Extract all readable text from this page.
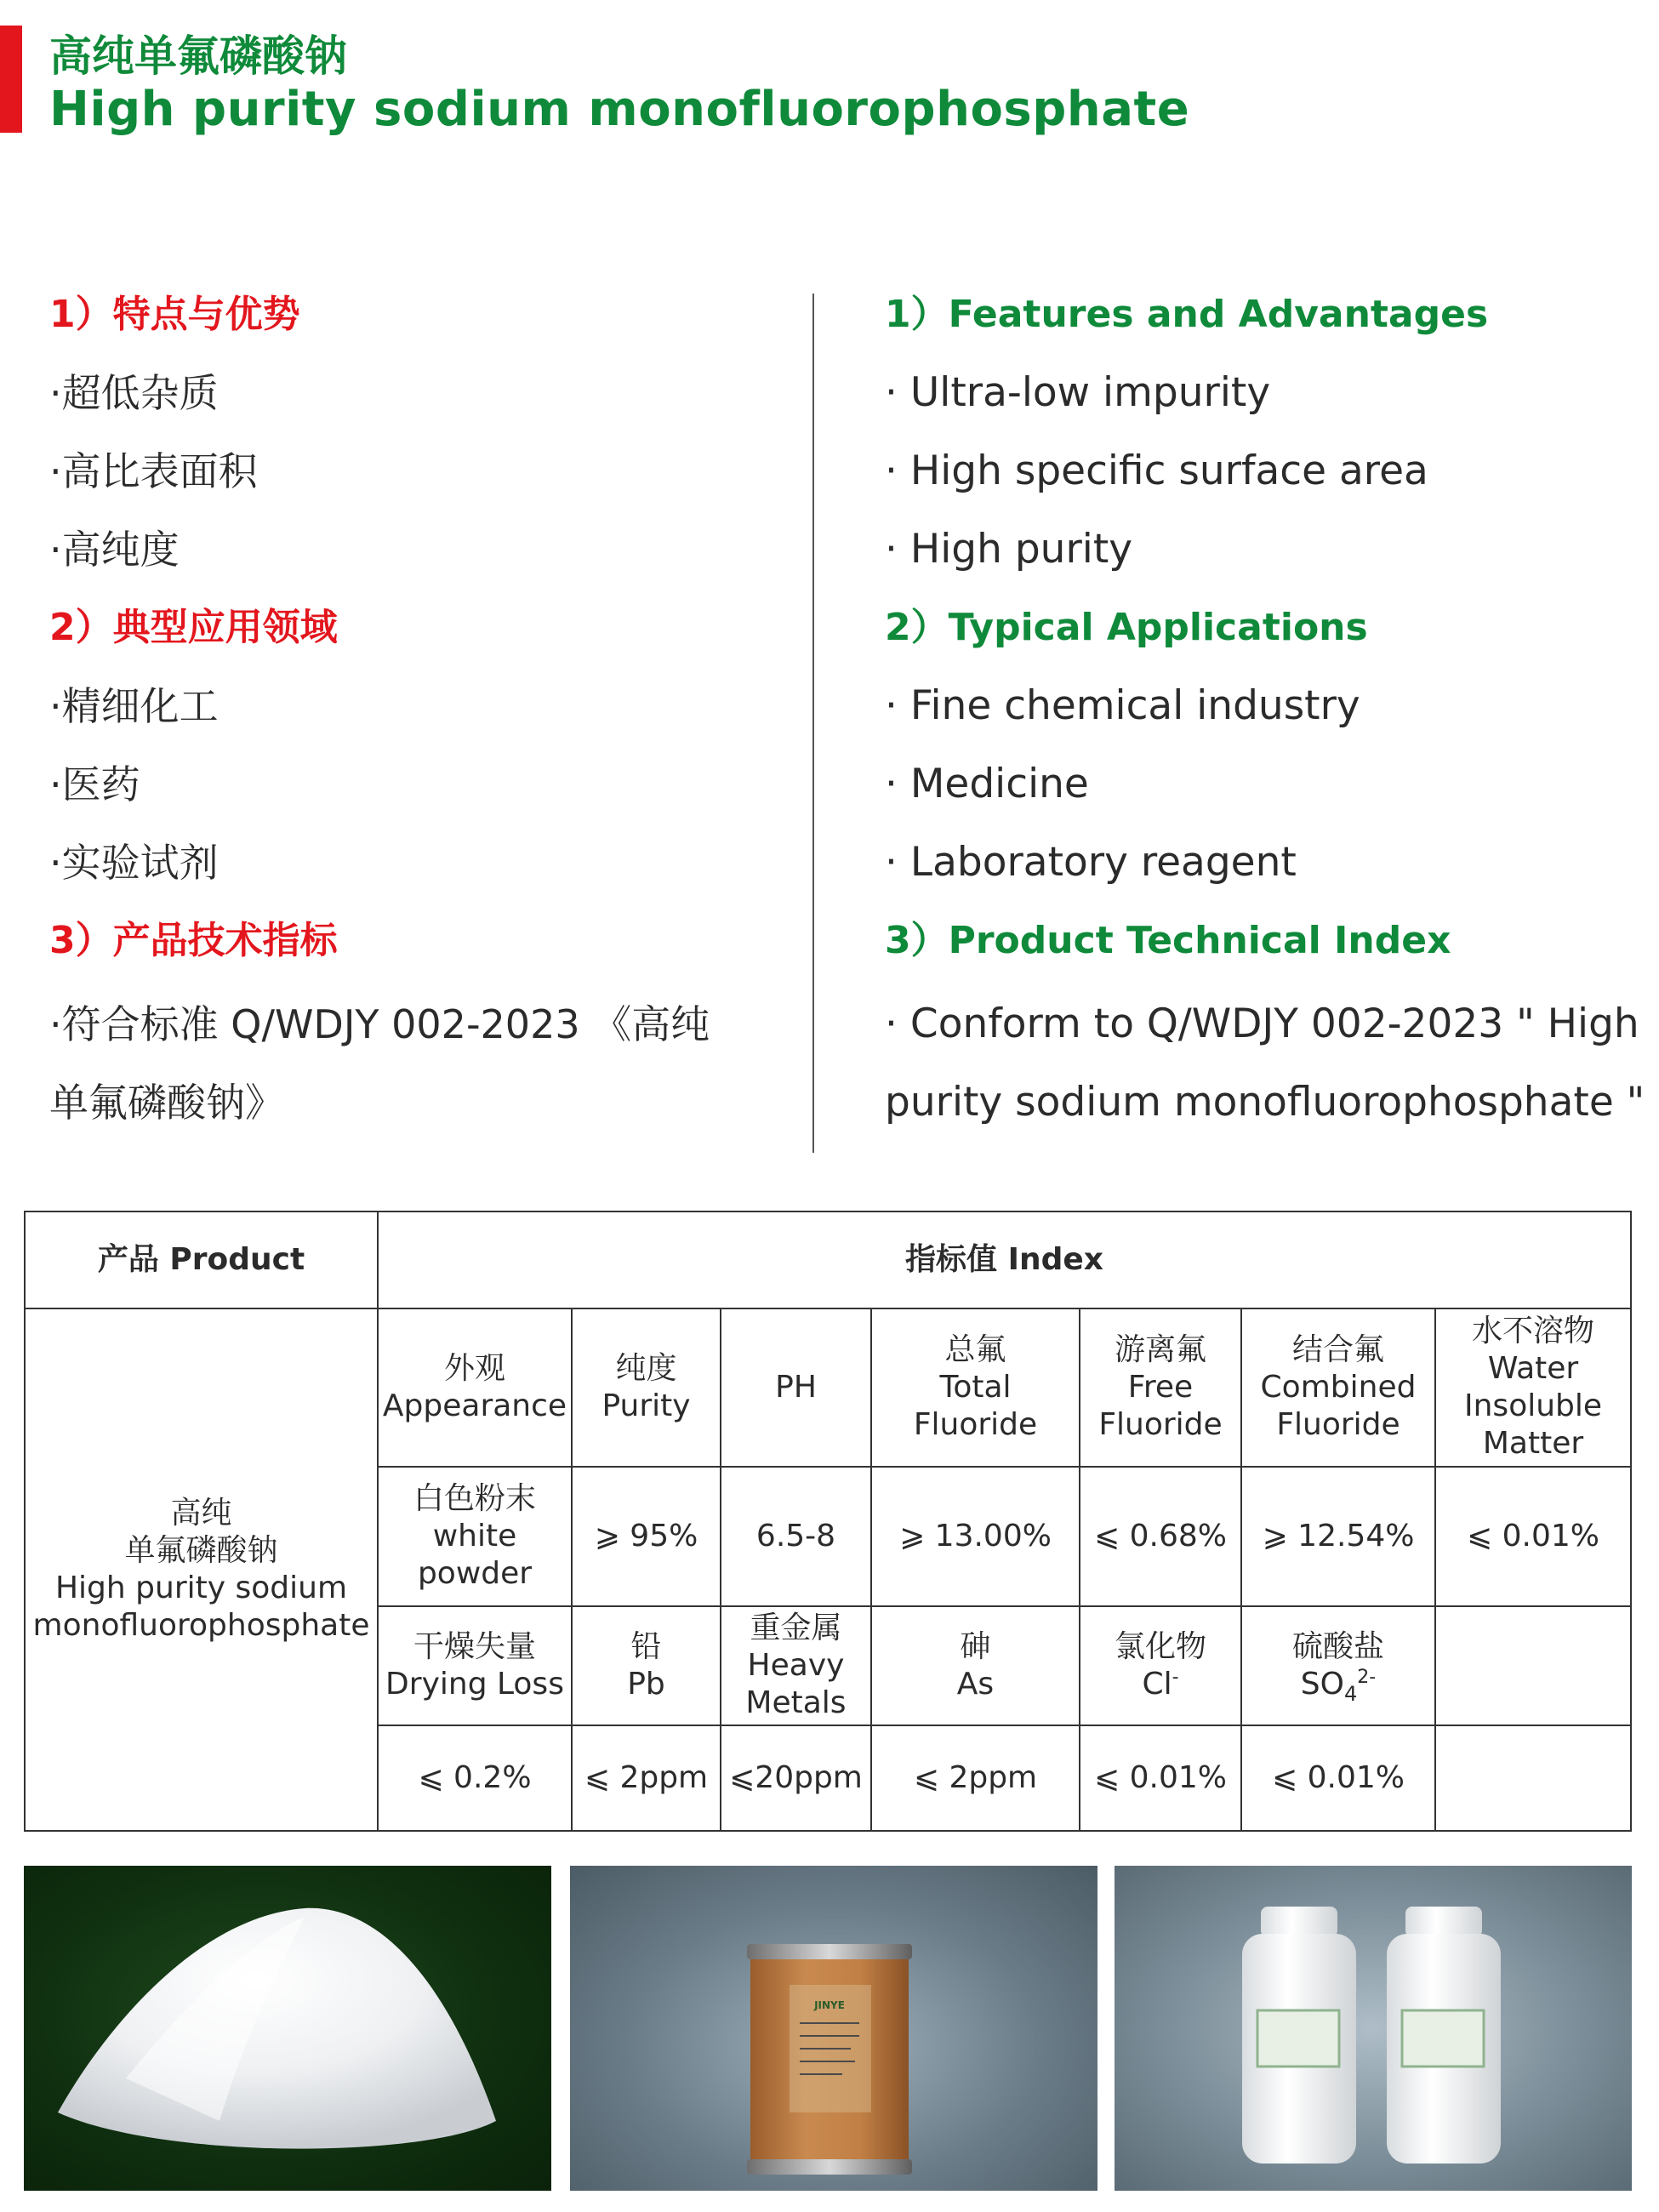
高纯单氟磷酸钠
High purity sodium monofluorophosphate
1）特点与优势
·超低杂质
·高比表面积
·高纯度
2）典型应用领域
·精细化工
·医药
·实验试剂
3）产品技术指标
·符合标准 Q/WDJY 002-2023 《高纯
单氟磷酸钠》
1）Features and Advantages
· Ultra-low impurity
· High specific surface area
· High purity
2）Typical Applications
· Fine chemical industry
· Medicine
· Laboratory reagent
3）Product Technical Index
· Conform to Q/WDJY 002-2023 " High
purity sodium monofluorophosphate "
产品 Product	指标值 Index						

高纯
单氟磷酸钠
High purity sodium
monofluorophosphate	外观
Appearance	纯度
Purity	PH	总氟
Total
Fluoride	游离氟
Free
Fluoride	结合氟
Combined
Fluoride	水不溶物
Water
Insoluble
Matter

	白色粉末
white
powder	⩾ 95%	6.5-8	⩾ 13.00%	⩽ 0.68%	⩾ 12.54%	⩽ 0.01%

	干燥失量
Drying Loss	铅
Pb	重金属
Heavy
Metals	砷
As	氯化物
Cl-	硫酸盐
$SO_4^{2-}$

	⩽ 0.2%	⩽ 2ppm	⩽20ppm	⩽ 2ppm	⩽ 0.01%	⩽ 0.01%	
JINYE
